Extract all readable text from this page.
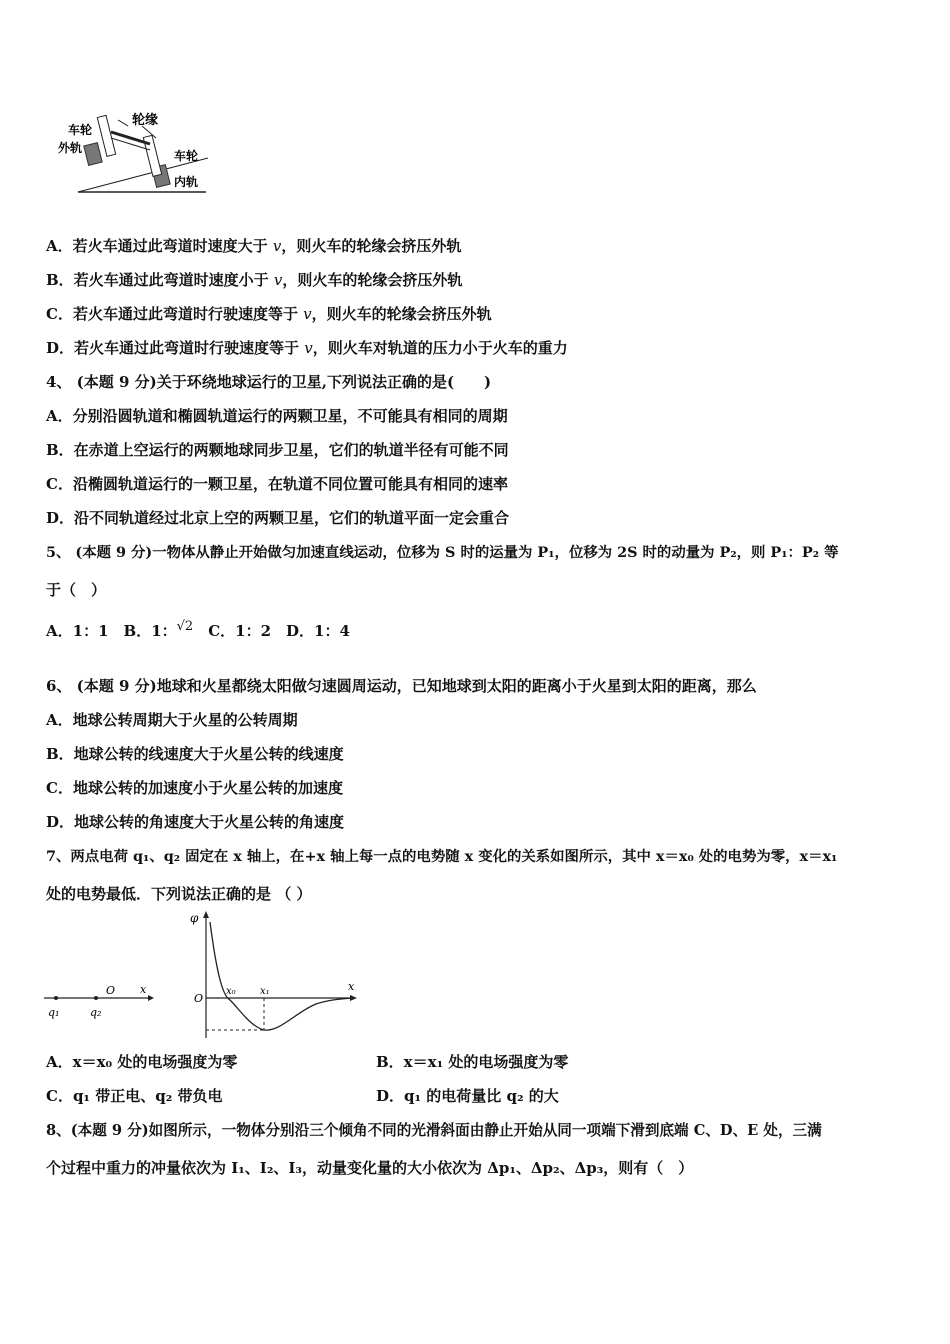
轮缘
车轮
外轨
车轮
内轨
A．若火车通过此弯道时速度大于 v，则火车的轮缘会挤压外轨
B．若火车通过此弯道时速度小于 v，则火车的轮缘会挤压外轨
C．若火车通过此弯道时行驶速度等于 v，则火车的轮缘会挤压外轨
D．若火车通过此弯道时行驶速度等于 v，则火车对轨道的压力小于火车的重力
4、 (本题 9 分)关于环绕地球运行的卫星,下列说法正确的是(　　)
A．分别沿圆轨道和椭圆轨道运行的两颗卫星，不可能具有相同的周期
B．在赤道上空运行的两颗地球同步卫星，它们的轨道半径有可能不同
C．沿椭圆轨道运行的一颗卫星，在轨道不同位置可能具有相同的速率
D．沿不同轨道经过北京上空的两颗卫星，它们的轨道平面一定会重合
5、 (本题 9 分)一物体从静止开始做匀加速直线运动，位移为 S 时的运量为 P₁，位移为 2S 时的动量为 P₂，则 P₁：P₂ 等
于（　）
A．1：1　B．1：√2　C．1：2　D．1：4
6、 (本题 9 分)地球和火星都绕太阳做匀速圆周运动，已知地球到太阳的距离小于火星到太阳的距离，那么
A．地球公转周期大于火星的公转周期
B．地球公转的线速度大于火星公转的线速度
C．地球公转的加速度小于火星公转的加速度
D．地球公转的角速度大于火星公转的角速度
7、两点电荷 q₁、q₂ 固定在 x 轴上，在+x 轴上每一点的电势随 x 变化的关系如图所示，其中 x＝x₀ 处的电势为零，x＝x₁
处的电势最低．下列说法正确的是 （ ）
q₁	q₂
O x
φ
O
x₀ x₁	x
A．x＝x₀ 处的电场强度为零	B．x＝x₁ 处的电场强度为零
C．q₁ 带正电、q₂ 带负电	D．q₁ 的电荷量比 q₂ 的大
8、(本题 9 分)如图所示，一物体分别沿三个倾角不同的光滑斜面由静止开始从同一项端下滑到底端 C、D、E 处，三满
个过程中重力的冲量依次为 I₁、I₂、I₃，动量变化量的大小依次为 Δp₁、Δp₂、Δp₃，则有（　）
